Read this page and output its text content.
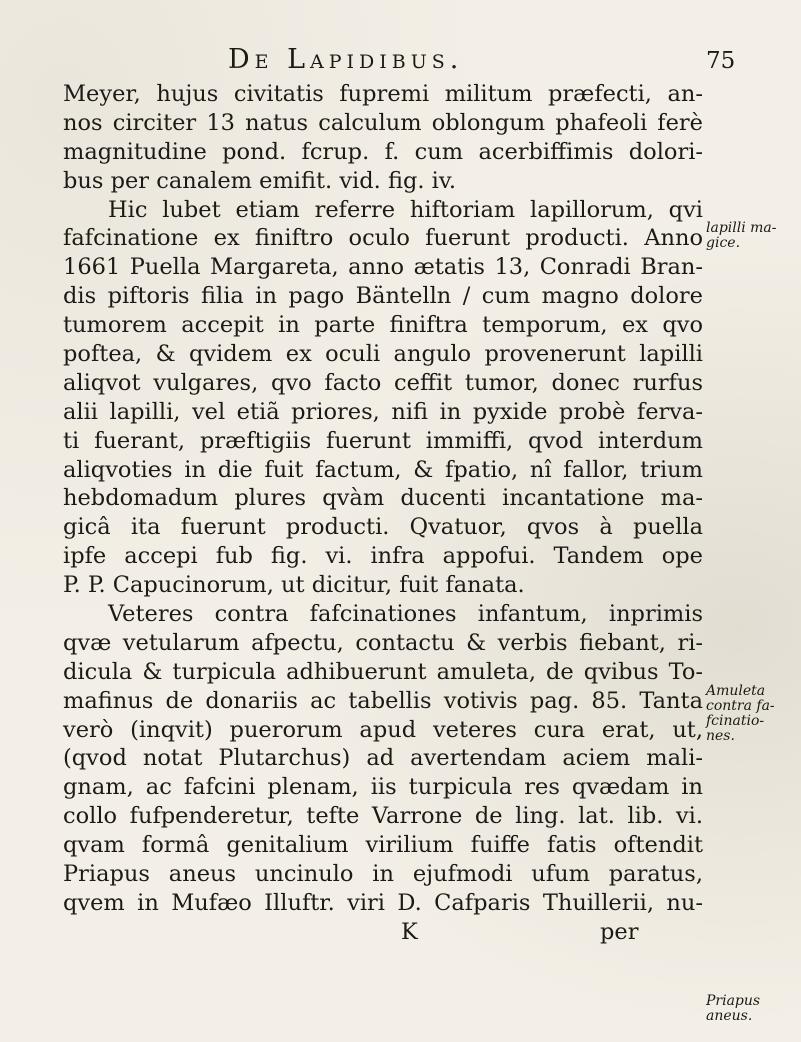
De Lapidibus.	75
Meyer, hujus civitatis fupremi militum præfecti, an-
nos circiter 13 natus calculum oblongum phafeoli ferè
magnitudine pond. fcrup. f. cum acerbiffimis dolori-
bus per canalem emifit. vid. fig. iv.
Hic lubet etiam referre hiftoriam lapillorum, qvi
fafcinatione ex finiftro oculo fuerunt producti. Anno
1661 Puella Margareta, anno ætatis 13, Conradi Bran-
dis piftoris filia in pago Bäntelln / cum magno dolore
tumorem accepit in parte finiftra temporum, ex qvo
poftea, & qvidem ex oculi angulo provenerunt lapilli
aliqvot vulgares, qvo facto ceffit tumor, donec rurfus
alii lapilli, vel etiã priores, nifi in pyxide probè ferva-
ti fuerant, præftigiis fuerunt immiffi, qvod interdum
aliqvoties in die fuit factum, & fpatio, nî fallor, trium
hebdomadum plures qvàm ducenti incantatione ma-
gicâ ita fuerunt producti. Qvatuor, qvos à puella
ipfe accepi fub fig. vi. infra appofui. Tandem ope
P. P. Capucinorum, ut dicitur, fuit fanata.
Veteres contra fafcinationes infantum, inprimis
qvæ vetularum afpectu, contactu & verbis fiebant, ri-
dicula & turpicula adhibuerunt amuleta, de qvibus To-
mafinus de donariis ac tabellis votivis pag. 85. Tanta
verò (inqvit) puerorum apud veteres cura erat, ut,
(qvod notat Plutarchus) ad avertendam aciem mali-
gnam, ac fafcini plenam, iis turpicula res qvædam in
collo fufpenderetur, tefte Varrone de ling. lat. lib. vi.
qvam formâ genitalium virilium fuiffe fatis oftendit
Priapus aneus uncinulo in ejufmodi ufum paratus,
qvem in Mufæo Illuftr. viri D. Cafparis Thuillerii, nu-
K	per
lapilli ma-
gice.
Amuleta
contra fa-
fcinatio-
nes.
Priapus
aneus.
